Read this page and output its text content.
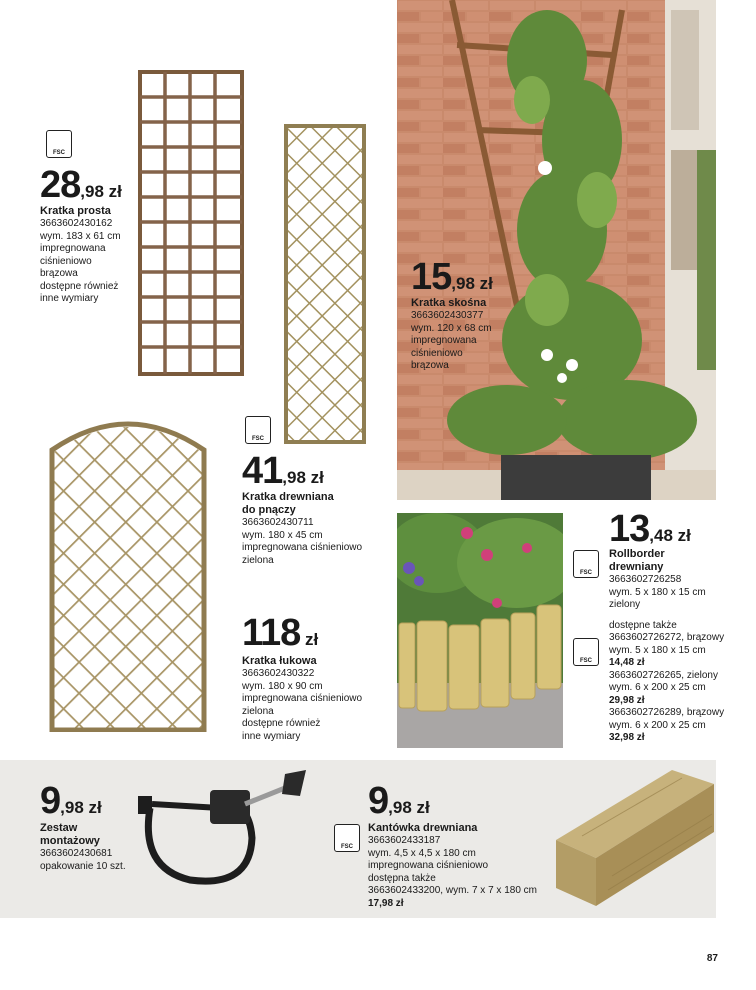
FSC
28,98 zł
Kratka prosta
3663602430162
wym. 183 x 61 cm
impregnowana
ciśnieniowo
brązowa
dostępne również
inne wymiary
15,98 zł
Kratka skośna
3663602430377
wym. 120 x 68 cm
impregnowana
ciśnieniowo
brązowa
FSC
41,98 zł
Kratka drewniana
do pnączy
3663602430711
wym. 180 x 45 cm
impregnowana ciśnieniowo
zielona
118 zł
Kratka łukowa
3663602430322
wym. 180 x 90 cm
impregnowana ciśnieniowo
zielona
dostępne również
inne wymiary
13,48 zł
FSC
FSC
Rollborder
drewniany
3663602726258
wym. 5 x 180 x 15 cm
zielony
dostępne także
3663602726272, brązowy
wym. 5 x 180 x 15 cm
14,48 zł
3663602726265, zielony
wym. 6 x 200 x 25 cm
29,98 zł
3663602726289, brązowy
wym. 6 x 200 x 25 cm
32,98 zł
9,98 zł
Zestaw
montażowy
3663602430681
opakowanie 10 szt.
9,98 zł
FSC
Kantówka drewniana
3663602433187
wym. 4,5 x 4,5 x 180 cm
impregnowana ciśnieniowo
dostępna także
3663602433200, wym. 7 x 7 x 180 cm
17,98 zł
87
